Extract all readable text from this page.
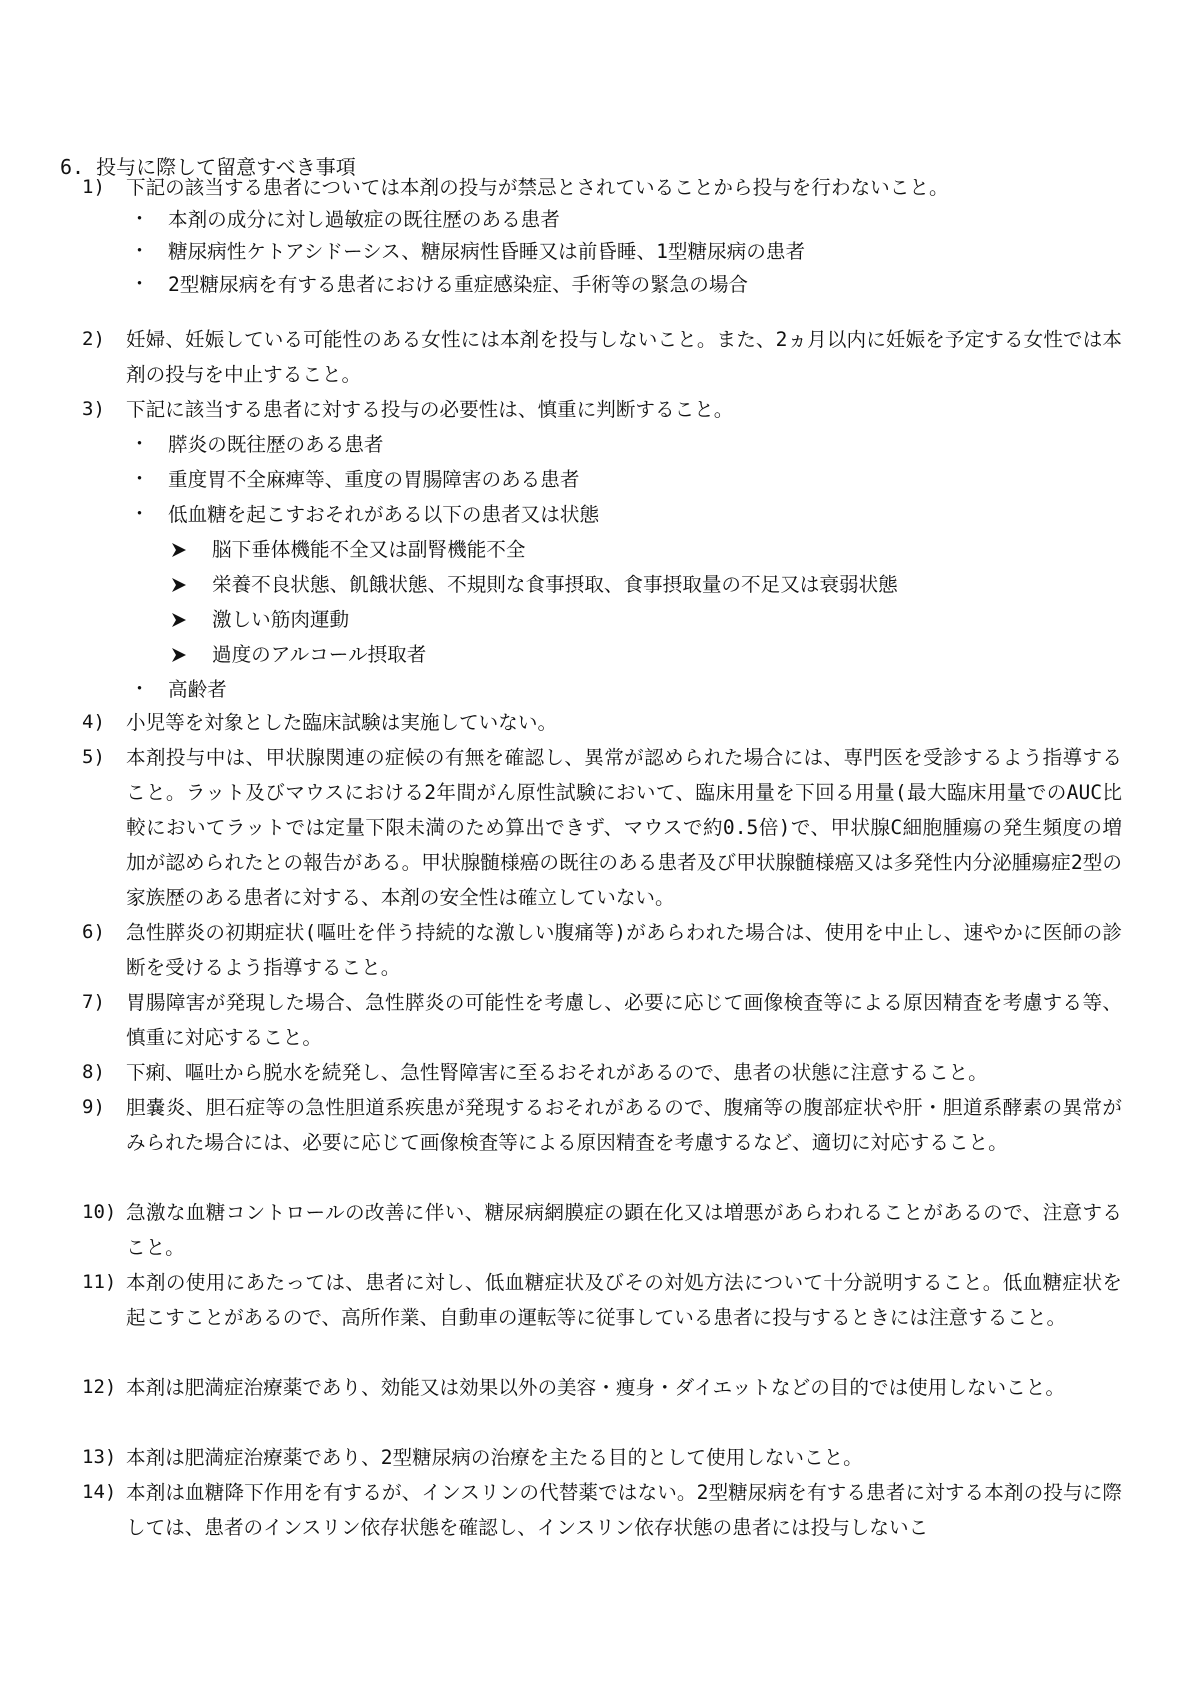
6. 投与に際して留意すべき事項
1)	下記の該当する患者については本剤の投与が禁忌とされていることから投与を行わないこと。
・ 本剤の成分に対し過敏症の既往歴のある患者
・ 糖尿病性ケトアシドーシス、糖尿病性昏睡又は前昏睡、1型糖尿病の患者
・ 2型糖尿病を有する患者における重症感染症、手術等の緊急の場合
2)	妊婦、妊娠している可能性のある女性には本剤を投与しないこと。また、2ヵ月以内に妊娠を予定する女性では本剤の投与を中止すること。
3)	下記に該当する患者に対する投与の必要性は、慎重に判断すること。
・ 膵炎の既往歴のある患者
・ 重度胃不全麻痺等、重度の胃腸障害のある患者
・ 低血糖を起こすおそれがある以下の患者又は状態
脳下垂体機能不全又は副腎機能不全
栄養不良状態、飢餓状態、不規則な食事摂取、食事摂取量の不足又は衰弱状態
激しい筋肉運動
過度のアルコール摂取者
・ 高齢者
4)	小児等を対象とした臨床試験は実施していない。
5)	本剤投与中は、甲状腺関連の症候の有無を確認し、異常が認められた場合には、専門医を受診するよう指導すること。ラット及びマウスにおける2年間がん原性試験において、臨床用量を下回る用量(最大臨床用量でのAUC比較においてラットでは定量下限未満のため算出できず、マウスで約0.5倍)で、甲状腺C細胞腫瘍の発生頻度の増加が認められたとの報告がある。甲状腺髄様癌の既往のある患者及び甲状腺髄様癌又は多発性内分泌腫瘍症2型の家族歴のある患者に対する、本剤の安全性は確立していない。
6)	急性膵炎の初期症状(嘔吐を伴う持続的な激しい腹痛等)があらわれた場合は、使用を中止し、速やかに医師の診断を受けるよう指導すること。
7)	胃腸障害が発現した場合、急性膵炎の可能性を考慮し、必要に応じて画像検査等による原因精査を考慮する等、慎重に対応すること。
8)	下痢、嘔吐から脱水を続発し、急性腎障害に至るおそれがあるので、患者の状態に注意すること。
9)	胆嚢炎、胆石症等の急性胆道系疾患が発現するおそれがあるので、腹痛等の腹部症状や肝・胆道系酵素の異常がみられた場合には、必要に応じて画像検査等による原因精査を考慮するなど、適切に対応すること。
10) 急激な血糖コントロールの改善に伴い、糖尿病網膜症の顕在化又は増悪があらわれることがあるので、注意すること。
11) 本剤の使用にあたっては、患者に対し、低血糖症状及びその対処方法について十分説明すること。低血糖症状を起こすことがあるので、高所作業、自動車の運転等に従事している患者に投与するときには注意すること。
12) 本剤は肥満症治療薬であり、効能又は効果以外の美容・痩身・ダイエットなどの目的では使用しないこと。
13) 本剤は肥満症治療薬であり、2型糖尿病の治療を主たる目的として使用しないこと。
14) 本剤は血糖降下作用を有するが、インスリンの代替薬ではない。2型糖尿病を有する患者に対する本剤の投与に際しては、患者のインスリン依存状態を確認し、インスリン依存状態の患者には投与しないこ
